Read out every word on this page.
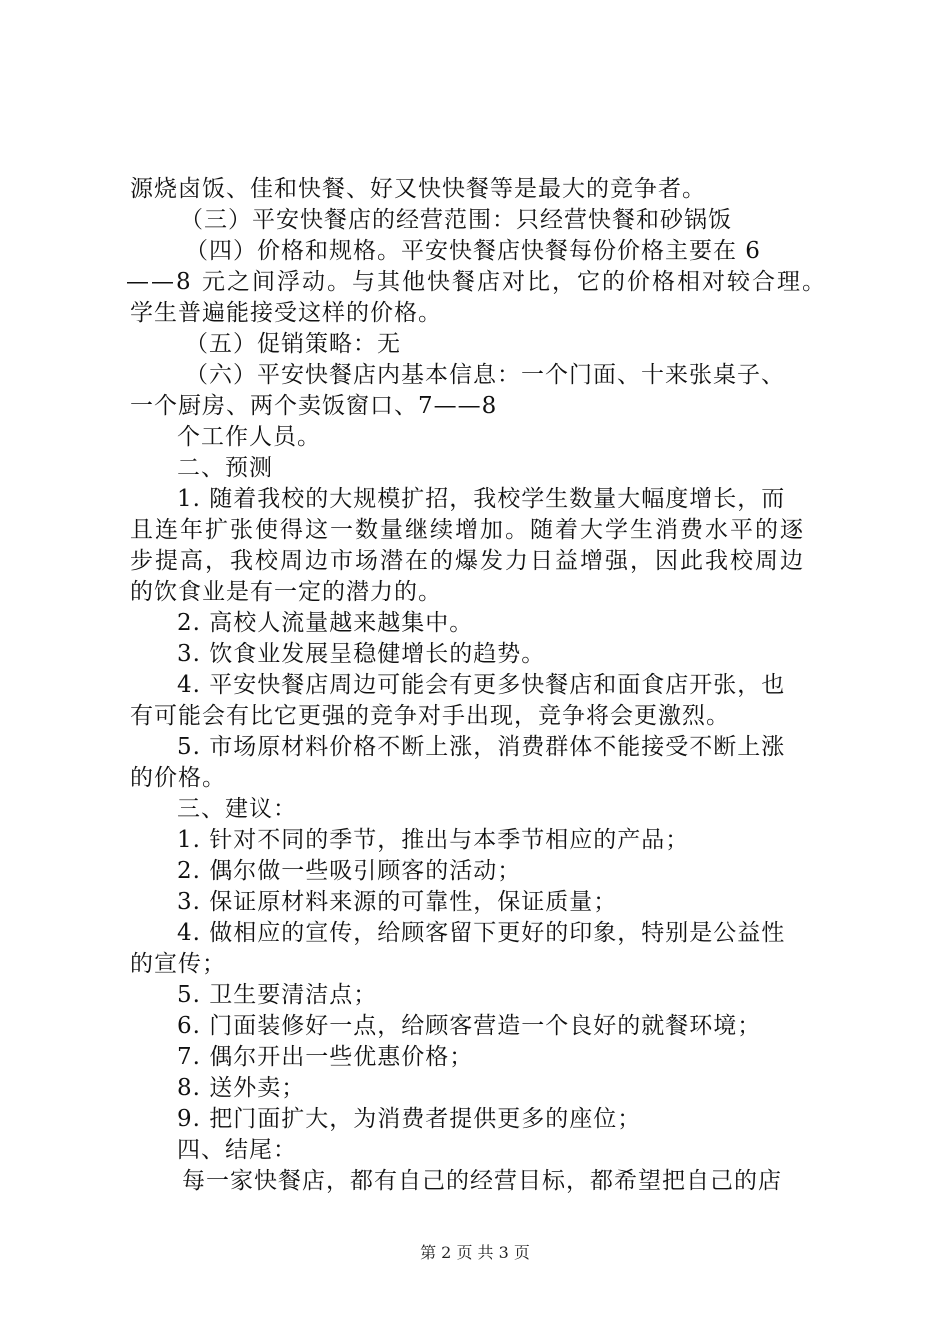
源烧卤饭、佳和快餐、好又快快餐等是最大的竞争者。
（三）平安快餐店的经营范围：只经营快餐和砂锅饭
（四）价格和规格。平安快餐店快餐每份价格主要在 6
——8 元之间浮动。与其他快餐店对比，它的价格相对较合理。
学生普遍能接受这样的价格。
（五）促销策略：无
（六）平安快餐店内基本信息：一个门面、十来张桌子、
一个厨房、两个卖饭窗口、7——8
个工作人员。
二、预测
1. 随着我校的大规模扩招，我校学生数量大幅度增长，而
且连年扩张使得这一数量继续增加。随着大学生消费水平的逐
步提高，我校周边市场潜在的爆发力日益增强，因此我校周边
的饮食业是有一定的潜力的。
2. 高校人流量越来越集中。
3. 饮食业发展呈稳健增长的趋势。
4. 平安快餐店周边可能会有更多快餐店和面食店开张，也
有可能会有比它更强的竞争对手出现，竞争将会更激烈。
5. 市场原材料价格不断上涨，消费群体不能接受不断上涨
的价格。
三、建议：
1. 针对不同的季节，推出与本季节相应的产品；
2. 偶尔做一些吸引顾客的活动；
3. 保证原材料来源的可靠性，保证质量；
4. 做相应的宣传，给顾客留下更好的印象，特别是公益性
的宣传；
5. 卫生要清洁点；
6. 门面装修好一点，给顾客营造一个良好的就餐环境；
7. 偶尔开出一些优惠价格；
8. 送外卖；
9. 把门面扩大，为消费者提供更多的座位；
四、结尾：
每一家快餐店，都有自己的经营目标，都希望把自己的店
第 2 页 共 3 页
